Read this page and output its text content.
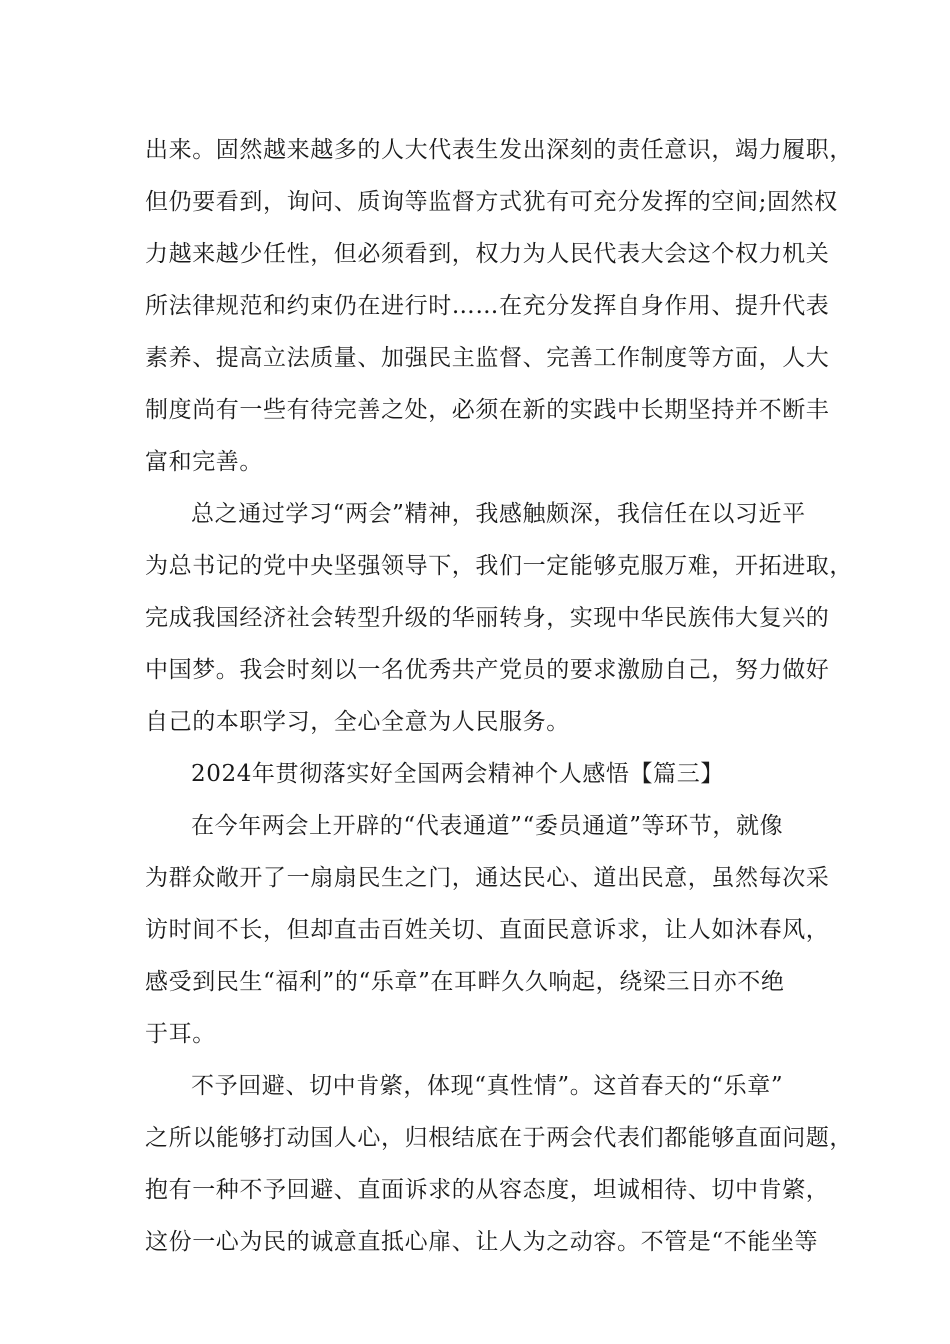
出来。固然越来越多的人大代表生发出深刻的责任意识，竭力履职，
但仍要看到，询问、质询等监督方式犹有可充分发挥的空间;固然权
力越来越少任性，但必须看到，权力为人民代表大会这个权力机关
所法律规范和约束仍在进行时……在充分发挥自身作用、提升代表
素养、提高立法质量、加强民主监督、完善工作制度等方面，人大
制度尚有一些有待完善之处，必须在新的实践中长期坚持并不断丰
富和完善。
总之通过学习“两会”精神，我感触颇深，我信任在以习近平
为总书记的党中央坚强领导下，我们一定能够克服万难，开拓进取，
完成我国经济社会转型升级的华丽转身，实现中华民族伟大复兴的
中国梦。我会时刻以一名优秀共产党员的要求激励自己，努力做好
自己的本职学习，全心全意为人民服务。
2024年贯彻落实好全国两会精神个人感悟【篇三】
在今年两会上开辟的“代表通道”“委员通道”等环节，就像
为群众敞开了一扇扇民生之门，通达民心、道出民意，虽然每次采
访时间不长，但却直击百姓关切、直面民意诉求，让人如沐春风，
感受到民生“福利”的“乐章”在耳畔久久响起，绕梁三日亦不绝
于耳。
不予回避、切中肯綮，体现“真性情”。这首春天的“乐章”
之所以能够打动国人心，归根结底在于两会代表们都能够直面问题，
抱有一种不予回避、直面诉求的从容态度，坦诚相待、切中肯綮，
这份一心为民的诚意直抵心扉、让人为之动容。不管是“不能坐等
